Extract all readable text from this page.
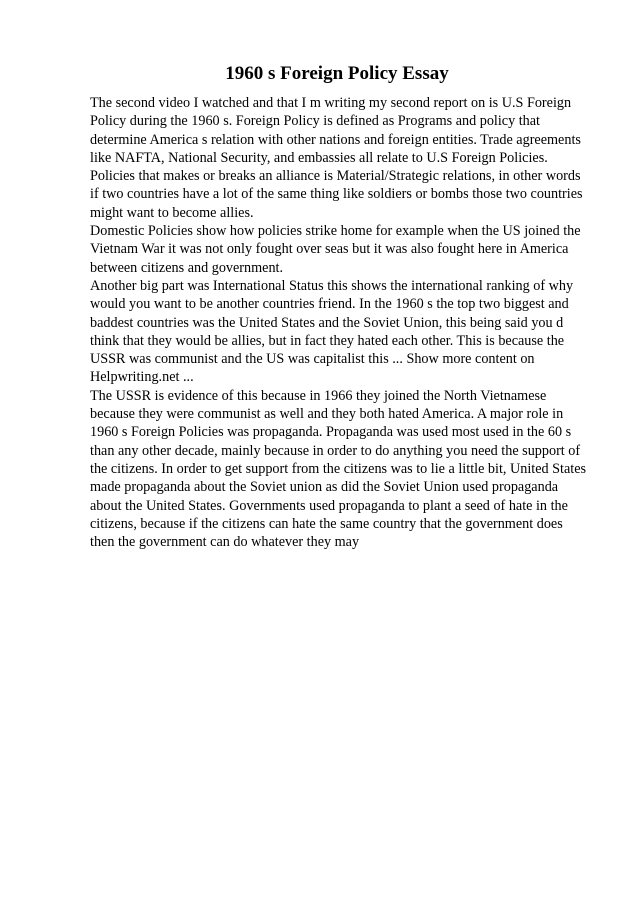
1960 s Foreign Policy Essay

The second video I watched and that I m writing my second report on is U.S Foreign Policy during the 1960 s. Foreign Policy is defined as Programs and policy that determine America s relation with other nations and foreign entities. Trade agreements like NAFTA, National Security, and embassies all relate to U.S Foreign Policies. Policies that makes or breaks an alliance is Material/Strategic relations, in other words if two countries have a lot of the same thing like soldiers or bombs those two countries might want to become allies.

Domestic Policies show how policies strike home for example when the US joined the Vietnam War it was not only fought over seas but it was also fought here in America between citizens and government.

Another big part was International Status this shows the international ranking of why would you want to be another countries friend. In the 1960 s the top two biggest and baddest countries was the United States and the Soviet Union, this being said you d think that they would be allies, but in fact they hated each other. This is because the USSR was communist and the US was capitalist this ... Show more content on Helpwriting.net ...

The USSR is evidence of this because in 1966 they joined the North Vietnamese because they were communist as well and they both hated America. A major role in 1960 s Foreign Policies was propaganda. Propaganda was used most used in the 60 s than any other decade, mainly because in order to do anything you need the support of the citizens. In order to get support from the citizens was to lie a little bit, United States made propaganda about the Soviet union as did the Soviet Union used propaganda about the United States. Governments used propaganda to plant a seed of hate in the citizens, because if the citizens can hate the same country that the government does then the government can do whatever they may
